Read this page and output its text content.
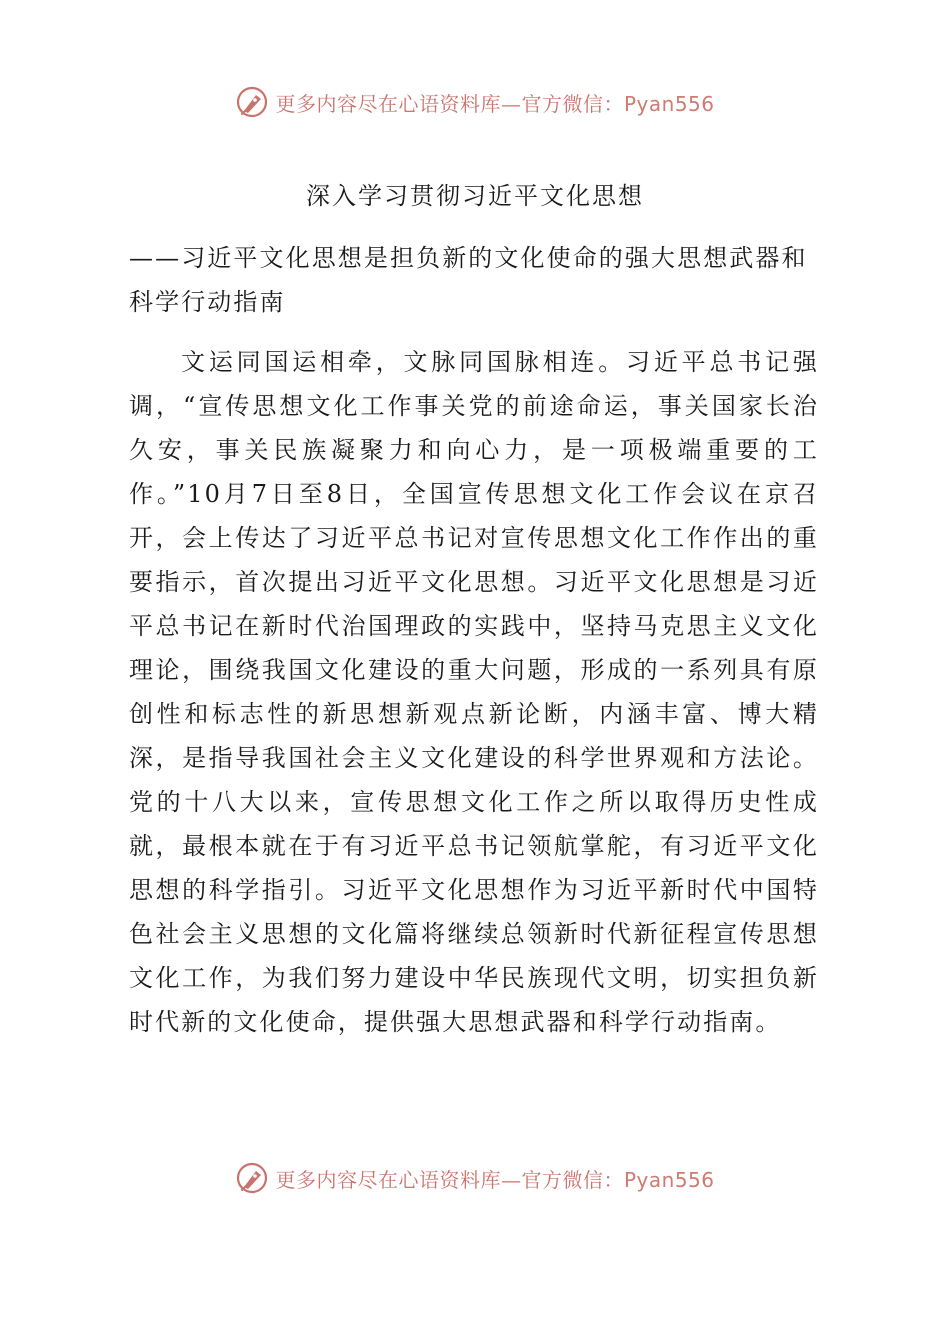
更多内容尽在心语资料库—官方微信：Pyan556
深入学习贯彻习近平文化思想
——习近平文化思想是担负新的文化使命的强大思想武器和科学行动指南

文运同国运相牵，文脉同国脉相连。习近平总书记强调，“宣传思想文化工作事关党的前途命运，事关国家长治久安，事关民族凝聚力和向心力，是一项极端重要的工作。”10月7日至8日，全国宣传思想文化工作会议在京召开，会上传达了习近平总书记对宣传思想文化工作作出的重要指示，首次提出习近平文化思想。习近平文化思想是习近平总书记在新时代治国理政的实践中，坚持马克思主义文化理论，围绕我国文化建设的重大问题，形成的一系列具有原创性和标志性的新思想新观点新论断，内涵丰富、博大精深，是指导我国社会主义文化建设的科学世界观和方法论。党的十八大以来，宣传思想文化工作之所以取得历史性成就，最根本就在于有习近平总书记领航掌舵，有习近平文化思想的科学指引。习近平文化思想作为习近平新时代中国特色社会主义思想的文化篇将继续总领新时代新征程宣传思想文化工作，为我们努力建设中华民族现代文明，切实担负新时代新的文化使命，提供强大思想武器和科学行动指南。

更多内容尽在心语资料库—官方微信：Pyan556
